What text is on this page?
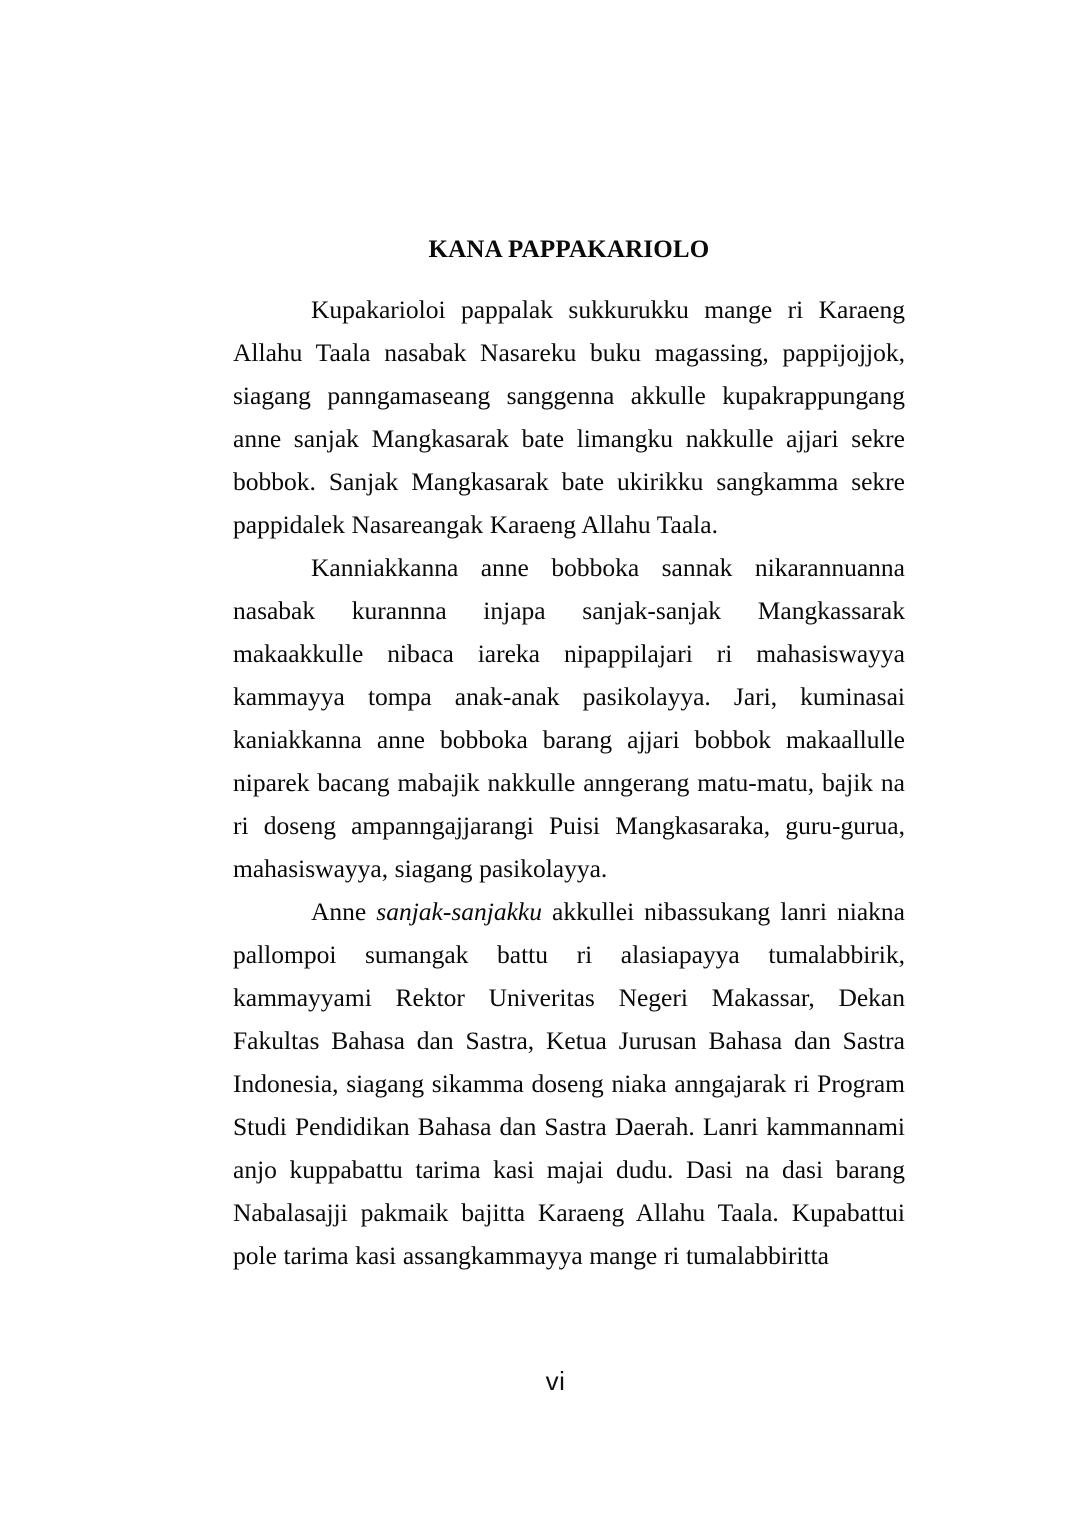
KANA PAPPAKARIOLO

Kupakarioloi pappalak sukkurukku mange ri Karaeng Allahu Taala nasabak Nasareku buku magassing, pappijojjok, siagang panngamaseang sanggenna akkulle kupakrappungang anne sanjak Mangkasarak bate limangku nakkulle ajjari sekre bobbok. Sanjak Mangkasarak bate ukirikku sangkamma sekre pappidalek Nasareangak Karaeng Allahu Taala.

Kanniakkanna anne bobboka sannak nikarannuanna nasabak kurannna injapa sanjak-sanjak Mangkassarak makaakkulle nibaca iareka nipappilajari ri mahasiswayya kammayya tompa anak-anak pasikolayya. Jari, kuminasai kaniakkanna anne bobboka barang ajjari bobbok makaallulle niparek bacang mabajik nakkulle anngerang matu-matu, bajik na ri doseng ampanngajjarangi Puisi Mangkasaraka, guru-gurua, mahasiswayya, siagang pasikolayya.

Anne sanjak-sanjakku akkullei nibassukang lanri niakna pallompoi sumangak battu ri alasiapayya tumalabbirik, kammayyami Rektor Univeritas Negeri Makassar, Dekan Fakultas Bahasa dan Sastra, Ketua Jurusan Bahasa dan Sastra Indonesia, siagang sikamma doseng niaka anngajarak ri Program Studi Pendidikan Bahasa dan Sastra Daerah. Lanri kammannami anjo kuppabattu tarima kasi majai dudu. Dasi na dasi barang Nabalasajji pakmaik bajitta Karaeng Allahu Taala. Kupabattui pole tarima kasi assangkammayya mange ri tumalabbiritta

vi
